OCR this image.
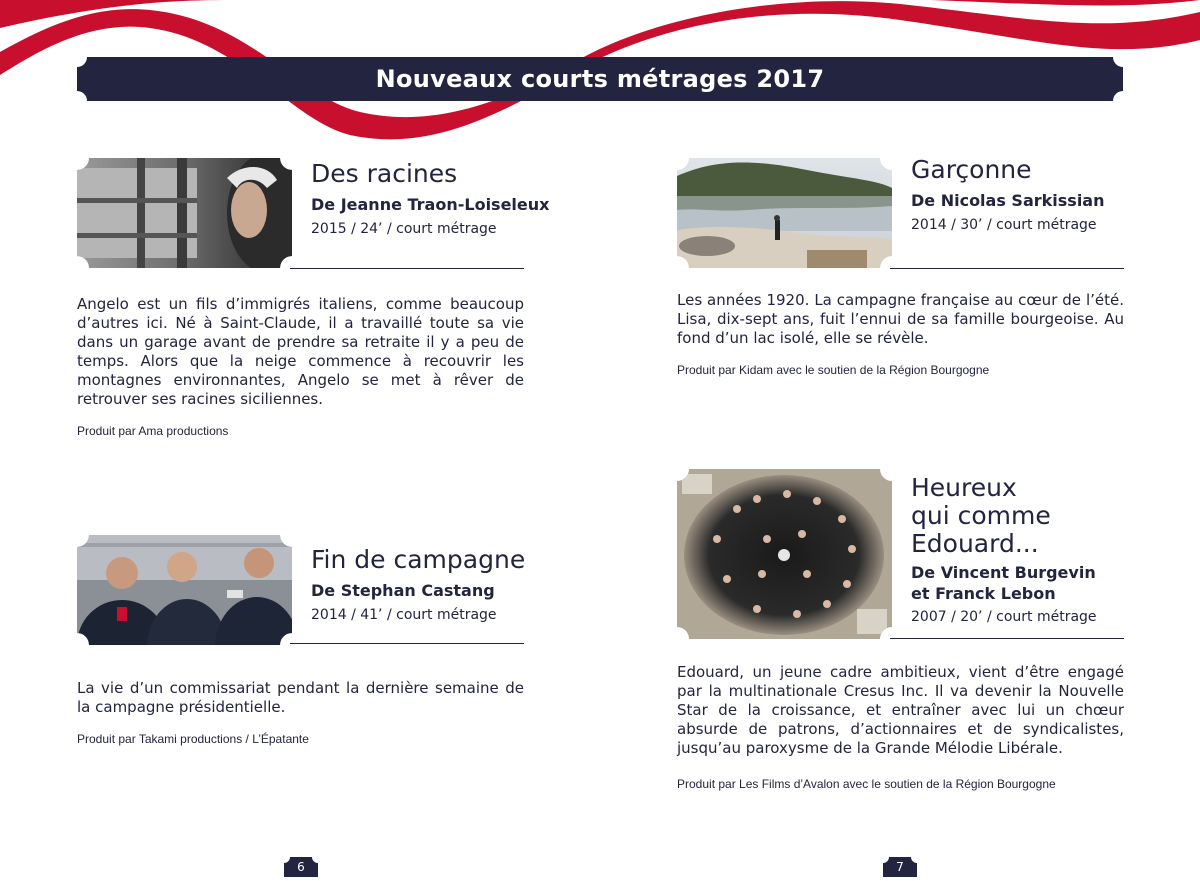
Nouveaux courts métrages 2017
Des racines
De Jeanne Traon-Loiseleux
2015 / 24’ / court métrage

Angelo est un fils d’immigrés italiens, comme beaucoup d’autres ici. Né à Saint-Claude, il a travaillé toute sa vie dans un garage avant de prendre sa retraite il y a peu de temps. Alors que la neige commence à recouvrir les montagnes environnantes, Angelo se met à rêver de retrouver ses racines siciliennes.

Produit par Ama productions
Fin de campagne
De Stephan Castang
2014 / 41’ / court métrage

La vie d’un commissariat pendant la dernière semaine de la campagne présidentielle.

Produit par Takami productions / L’Épatante
Garçonne
De Nicolas Sarkissian
2014 / 30’ / court métrage

Les années 1920. La campagne française au cœur de l’été. Lisa, dix-sept ans, fuit l’ennui de sa famille bourgeoise. Au fond d’un lac isolé, elle se révèle.

Produit par Kidam avec le soutien de la Région Bourgogne
Heureux
qui comme
Edouard...
De Vincent Burgevin
et Franck Lebon
2007 / 20’ / court métrage

Edouard, un jeune cadre ambitieux, vient d’être engagé par la multinationale Cresus Inc. Il va devenir la Nouvelle Star de la croissance, et entraîner avec lui un chœur absurde de patrons, d’actionnaires et de syndicalistes, jusqu’au paroxysme de la Grande Mélodie Libérale.

Produit par Les Films d’Avalon avec le soutien de la Région Bourgogne
6	7
